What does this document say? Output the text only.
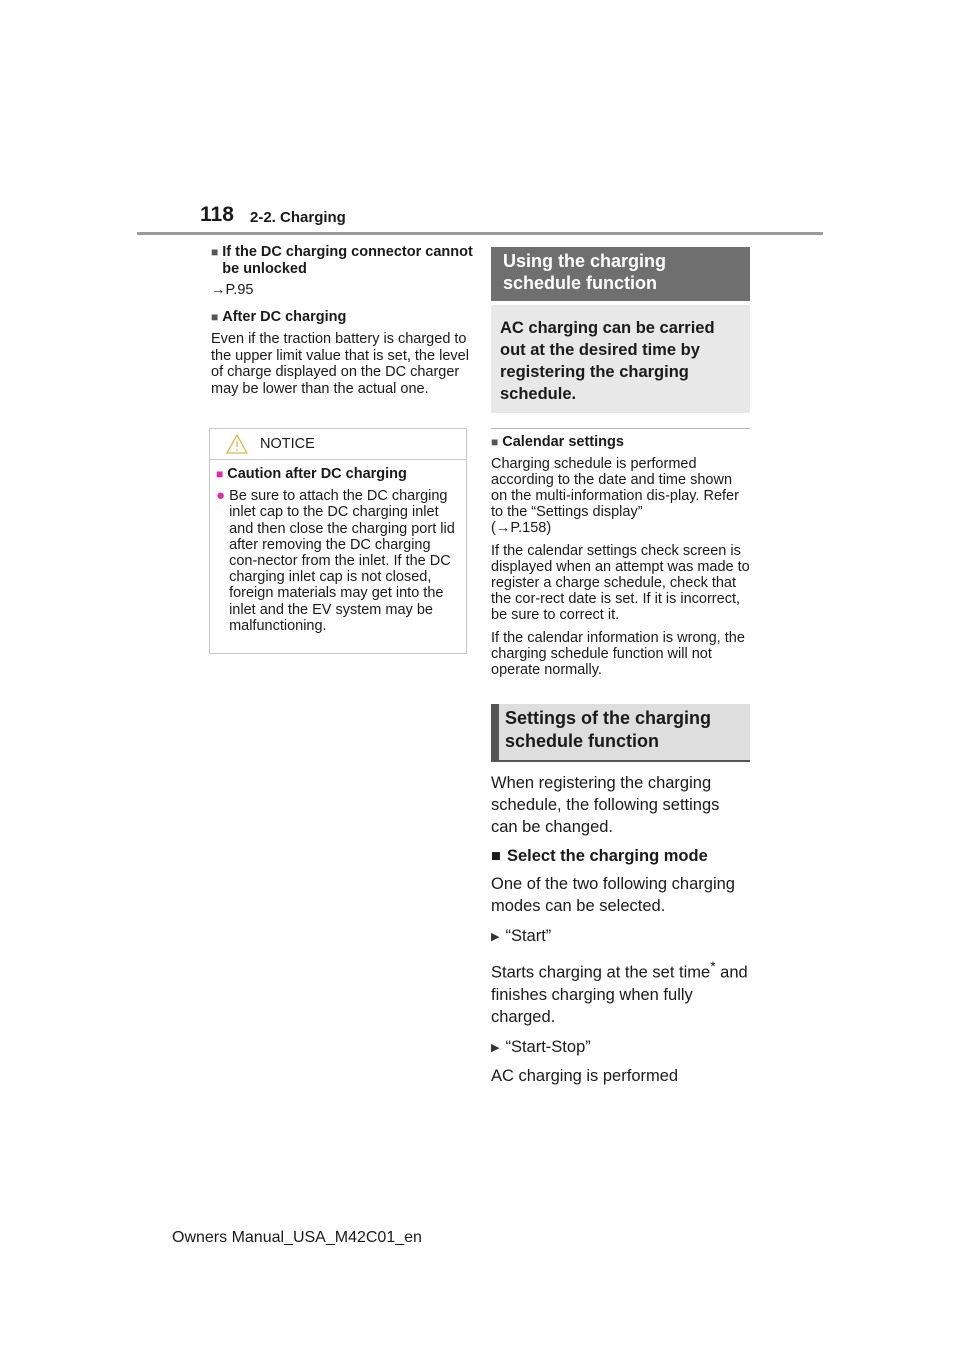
118 2-2. Charging
■ If the DC charging connector cannot be unlocked
→P.95
■ After DC charging
Even if the traction battery is charged to the upper limit value that is set, the level of charge displayed on the DC charger may be lower than the actual one.
NOTICE
■ Caution after DC charging
● Be sure to attach the DC charging inlet cap to the DC charging inlet and then close the charging port lid after removing the DC charging con-nector from the inlet. If the DC charging inlet cap is not closed, foreign materials may get into the inlet and the EV system may be malfunctioning.
Using the charging schedule function
AC charging can be carried out at the desired time by registering the charging schedule.
■ Calendar settings
Charging schedule is performed according to the date and time shown on the multi-information dis-play. Refer to the “Settings display”
(→P.158)
If the calendar settings check screen is displayed when an attempt was made to register a charge schedule, check that the cor-rect date is set. If it is incorrect, be sure to correct it.
If the calendar information is wrong, the charging schedule function will not operate normally.
Settings of the charging schedule function
When registering the charging schedule, the following settings can be changed.
■ Select the charging mode
One of the two following charging modes can be selected.
▶ “Start”
Starts charging at the set time* and finishes charging when fully charged.
▶ “Start-Stop”
AC charging is performed
Owners Manual_USA_M42C01_en
